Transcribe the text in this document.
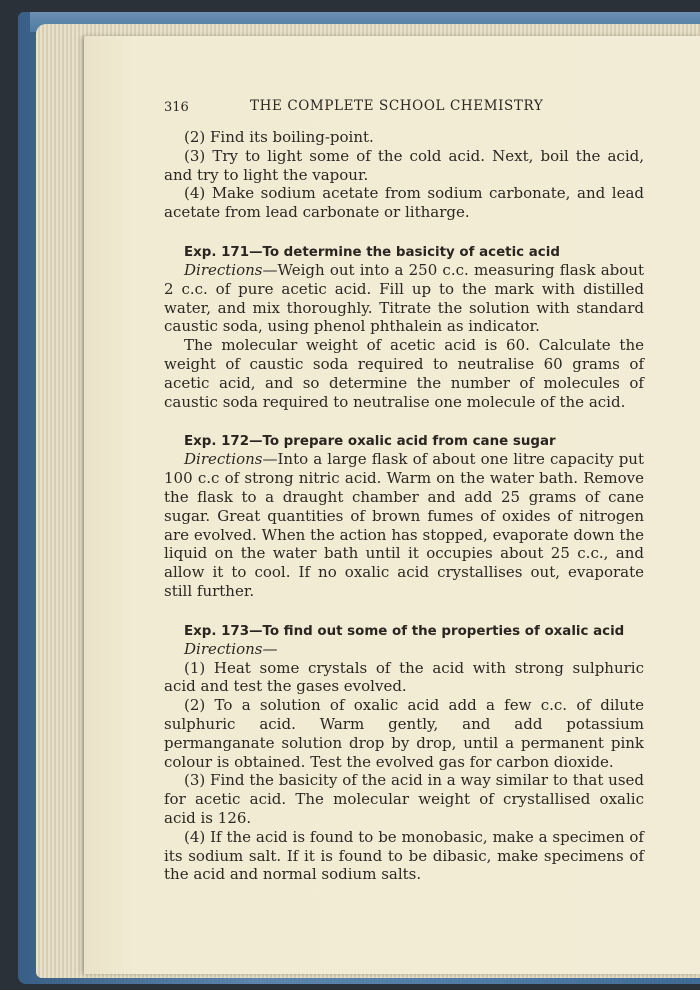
316	THE COMPLETE SCHOOL CHEMISTRY

(2) Find its boiling-point.

(3) Try to light some of the cold acid. Next, boil the acid, and try to light the vapour.

(4) Make sodium acetate from sodium carbonate, and lead acetate from lead carbonate or litharge.

Exp. 171—To determine the basicity of acetic acid

Directions—Weigh out into a 250 c.c. measuring flask about 2 c.c. of pure acetic acid. Fill up to the mark with distilled water, and mix thoroughly. Titrate the solution with standard caustic soda, using phenol phthalein as indicator.

The molecular weight of acetic acid is 60. Calculate the weight of caustic soda required to neutralise 60 grams of acetic acid, and so determine the number of molecules of caustic soda required to neutralise one molecule of the acid.

Exp. 172—To prepare oxalic acid from cane sugar

Directions—Into a large flask of about one litre capacity put 100 c.c of strong nitric acid. Warm on the water bath. Remove the flask to a draught chamber and add 25 grams of cane sugar. Great quantities of brown fumes of oxides of nitrogen are evolved. When the action has stopped, evaporate down the liquid on the water bath until it occupies about 25 c.c., and allow it to cool. If no oxalic acid crystallises out, evaporate still further.

Exp. 173—To find out some of the properties of oxalic acid

Directions—

(1) Heat some crystals of the acid with strong sulphuric acid and test the gases evolved.

(2) To a solution of oxalic acid add a few c.c. of dilute sulphuric acid. Warm gently, and add potassium permanganate solution drop by drop, until a permanent pink colour is obtained. Test the evolved gas for carbon dioxide.

(3) Find the basicity of the acid in a way similar to that used for acetic acid. The molecular weight of crystallised oxalic acid is 126.

(4) If the acid is found to be monobasic, make a specimen of its sodium salt. If it is found to be dibasic, make specimens of the acid and normal sodium salts.
